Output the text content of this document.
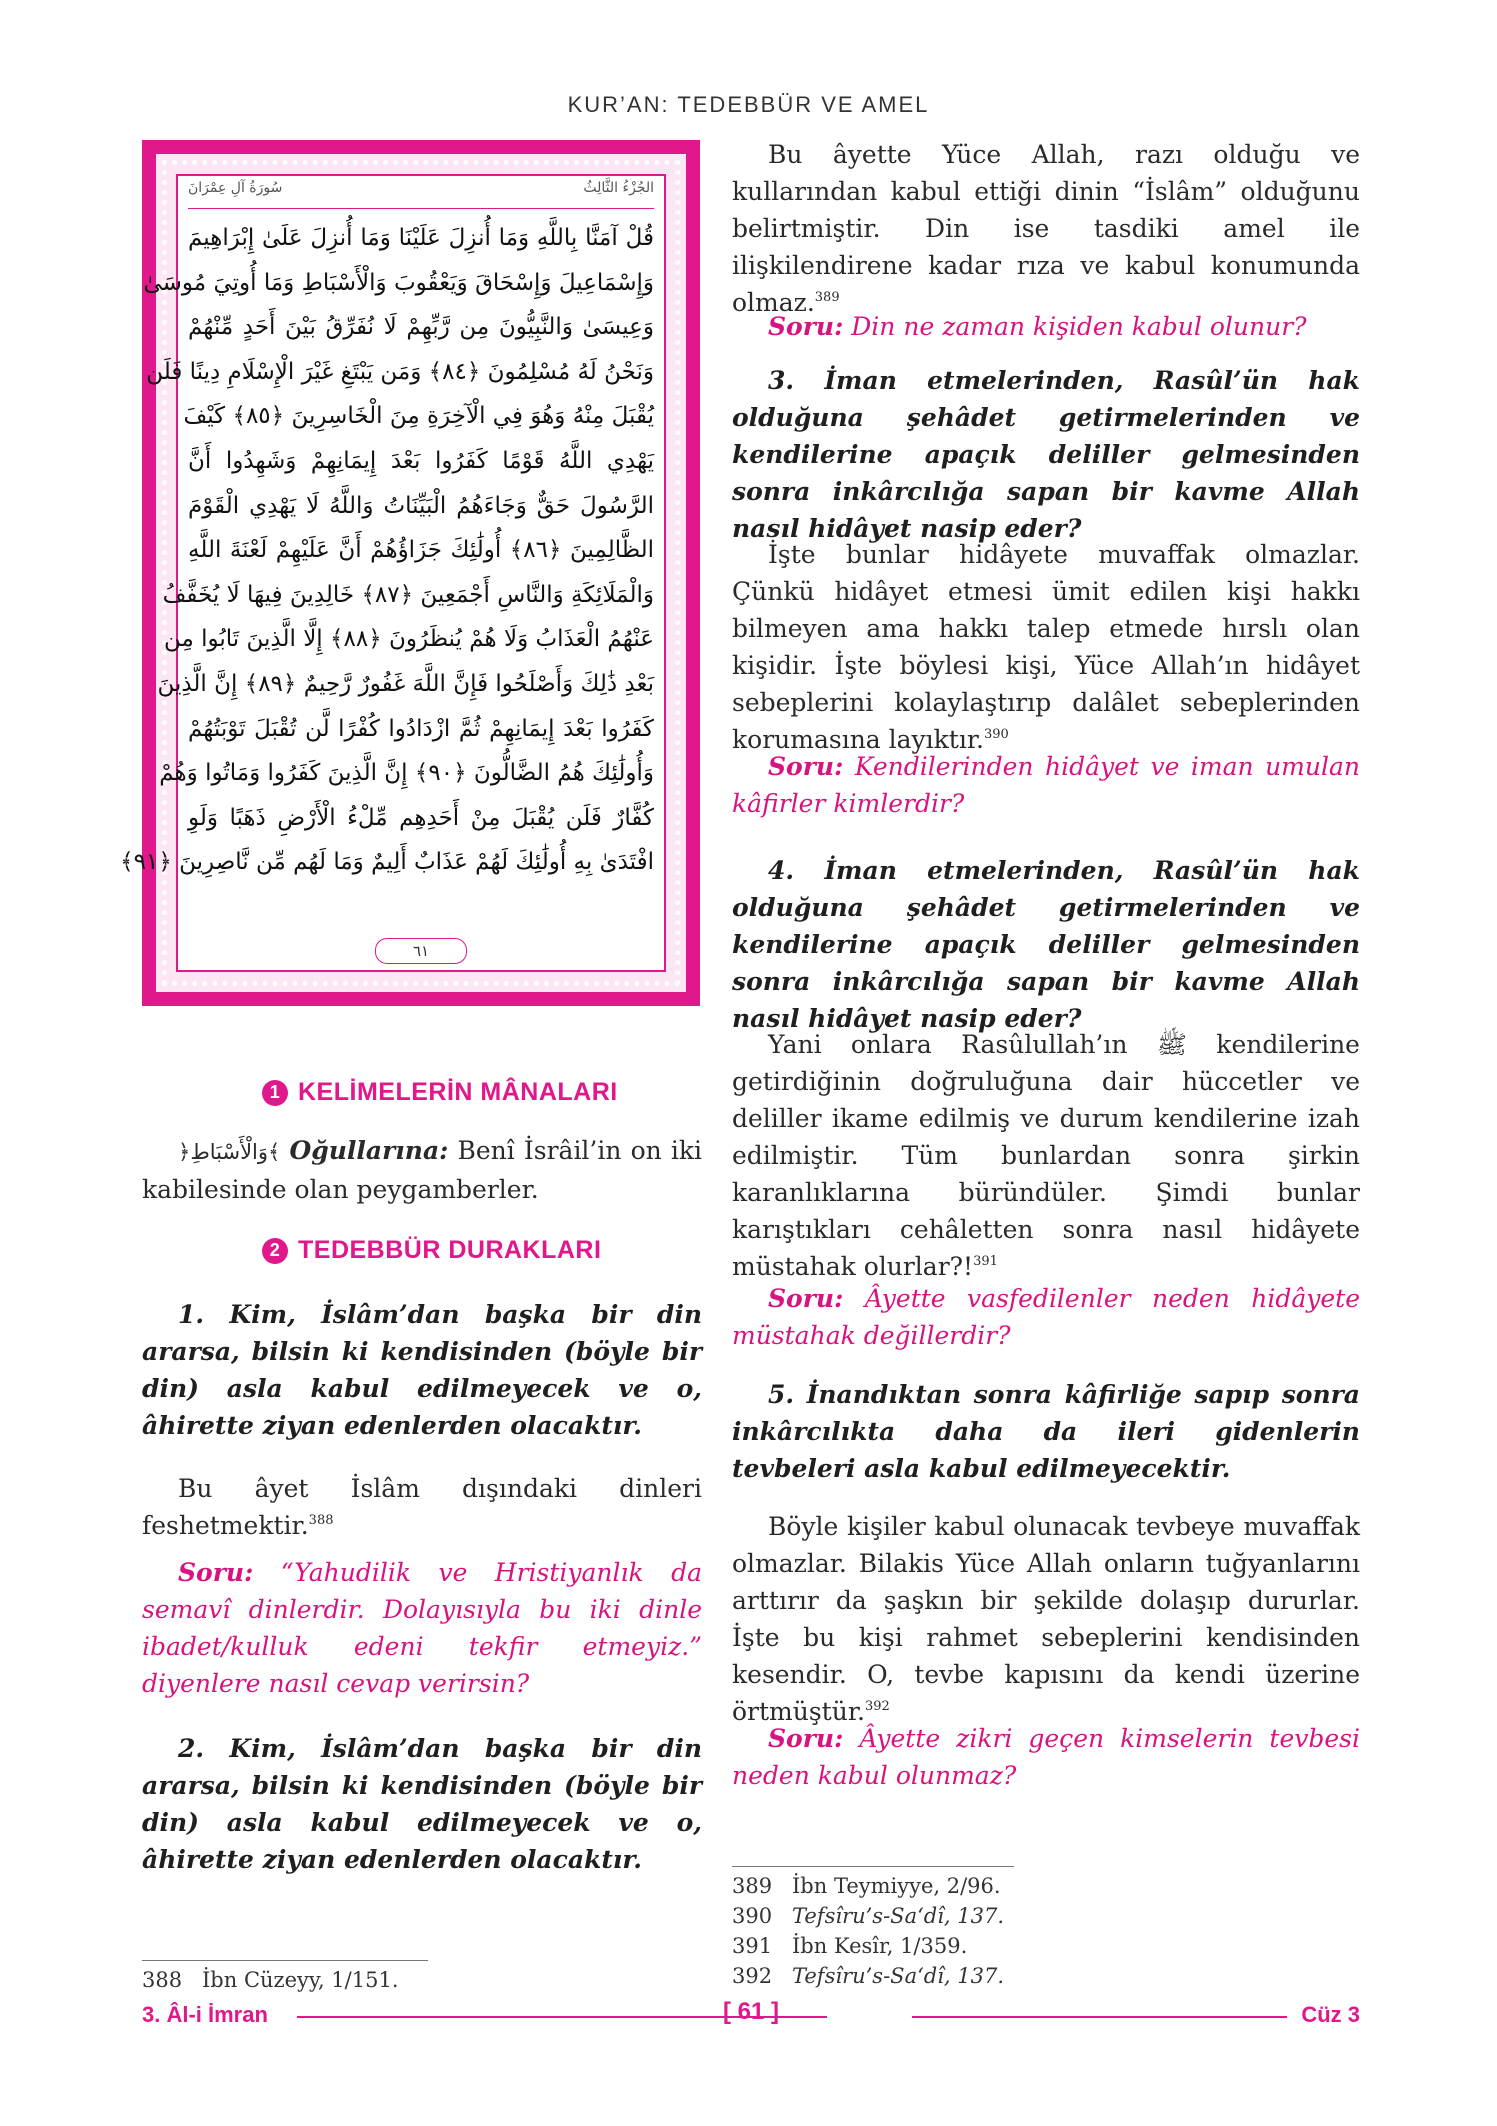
KUR’AN: TEDEBBÜR VE AMEL
الجُزْءُ الثَّالِثُ
سُورَةُ آلِ عِمْرَانَ
قُلْ آمَنَّا بِاللَّهِ وَمَا أُنزِلَ عَلَيْنَا وَمَا أُنزِلَ عَلَىٰ إِبْرَاهِيمَ
وَإِسْمَاعِيلَ وَإِسْحَاقَ وَيَعْقُوبَ وَالْأَسْبَاطِ وَمَا أُوتِيَ مُوسَىٰ
وَعِيسَىٰ وَالنَّبِيُّونَ مِن رَّبِّهِمْ لَا نُفَرِّقُ بَيْنَ أَحَدٍ مِّنْهُمْ
وَنَحْنُ لَهُ مُسْلِمُونَ ﴿٨٤﴾ وَمَن يَبْتَغِ غَيْرَ الْإِسْلَامِ دِينًا فَلَن
يُقْبَلَ مِنْهُ وَهُوَ فِي الْآخِرَةِ مِنَ الْخَاسِرِينَ ﴿٨٥﴾ كَيْفَ
يَهْدِي اللَّهُ قَوْمًا كَفَرُوا بَعْدَ إِيمَانِهِمْ وَشَهِدُوا أَنَّ
الرَّسُولَ حَقٌّ وَجَاءَهُمُ الْبَيِّنَاتُ وَاللَّهُ لَا يَهْدِي الْقَوْمَ
الظَّالِمِينَ ﴿٨٦﴾ أُولَٰئِكَ جَزَاؤُهُمْ أَنَّ عَلَيْهِمْ لَعْنَةَ اللَّهِ
وَالْمَلَائِكَةِ وَالنَّاسِ أَجْمَعِينَ ﴿٨٧﴾ خَالِدِينَ فِيهَا لَا يُخَفَّفُ
عَنْهُمُ الْعَذَابُ وَلَا هُمْ يُنظَرُونَ ﴿٨٨﴾ إِلَّا الَّذِينَ تَابُوا مِن
بَعْدِ ذَٰلِكَ وَأَصْلَحُوا فَإِنَّ اللَّهَ غَفُورٌ رَّحِيمٌ ﴿٨٩﴾ إِنَّ الَّذِينَ
كَفَرُوا بَعْدَ إِيمَانِهِمْ ثُمَّ ازْدَادُوا كُفْرًا لَّن تُقْبَلَ تَوْبَتُهُمْ
وَأُولَٰئِكَ هُمُ الضَّالُّونَ ﴿٩٠﴾ إِنَّ الَّذِينَ كَفَرُوا وَمَاتُوا وَهُمْ
كُفَّارٌ فَلَن يُقْبَلَ مِنْ أَحَدِهِم مِّلْءُ الْأَرْضِ ذَهَبًا وَلَوِ
افْتَدَىٰ بِهِ أُولَٰئِكَ لَهُمْ عَذَابٌ أَلِيمٌ وَمَا لَهُم مِّن نَّاصِرِينَ ﴿٩١﴾
٦١
1 KELİMELERİN MÂNALARI
﴿وَالْأَسْبَاطِ﴾ Oğullarına: Benî İsrâil’in on iki kabilesinde olan peygamberler.
2 TEDEBBÜR DURAKLARI
1. Kim, İslâm’dan başka bir din ararsa, bilsin ki kendisinden (böyle bir din) asla kabul edilmeyecek ve o, âhirette ziyan edenlerden olacaktır.
Bu âyet İslâm dışındaki dinleri feshetmektir.$^{388}$
Soru: “Yahudilik ve Hristiyanlık da semavî dinlerdir. Dolayısıyla bu iki dinle ibadet/kulluk edeni tekfir etmeyiz.” diyenlere nasıl cevap verirsin?
2. Kim, İslâm’dan başka bir din ararsa, bilsin ki kendisinden (böyle bir din) asla kabul edilmeyecek ve o, âhirette ziyan edenlerden olacaktır.
388 İbn Cüzeyy, 1/151.
Bu âyette Yüce Allah, razı olduğu ve kullarından kabul ettiği dinin “İslâm” olduğunu belirtmiştir. Din ise tasdiki amel ile ilişkilendirene kadar rıza ve kabul konumunda olmaz.$^{389}$
Soru: Din ne zaman kişiden kabul olunur?
3. İman etmelerinden, Rasûl’ün hak olduğuna şehâdet getirmelerinden ve kendilerine apaçık deliller gelmesinden sonra inkârcılığa sapan bir kavme Allah nasıl hidâyet nasip eder?
İşte bunlar hidâyete muvaffak olmazlar. Çünkü hidâyet etmesi ümit edilen kişi hakkı bilmeyen ama hakkı talep etmede hırslı olan kişidir. İşte böylesi kişi, Yüce Allah’ın hidâyet sebeplerini kolaylaştırıp dalâlet sebeplerinden korumasına layıktır.$^{390}$
Soru: Kendilerinden hidâyet ve iman umulan kâfirler kimlerdir?
4. İman etmelerinden, Rasûl’ün hak olduğuna şehâdet getirmelerinden ve kendilerine apaçık deliller gelmesinden sonra inkârcılığa sapan bir kavme Allah nasıl hidâyet nasip eder?
Yani onlara Rasûlullah’ın ﷺ kendilerine getirdiğinin doğruluğuna dair hüccetler ve deliller ikame edilmiş ve durum kendilerine izah edilmiştir. Tüm bunlardan sonra şirkin karanlıklarına büründüler. Şimdi bunlar karıştıkları cehâletten sonra nasıl hidâyete müstahak olurlar?!$^{391}$
Soru: Âyette vasfedilenler neden hidâyete müstahak değillerdir?
5. İnandıktan sonra kâfirliğe sapıp sonra inkârcılıkta daha da ileri gidenlerin tevbeleri asla kabul edilmeyecektir.
Böyle kişiler kabul olunacak tevbeye muvaffak olmazlar. Bilakis Yüce Allah onların tuğyanlarını arttırır da şaşkın bir şekilde dolaşıp dururlar. İşte bu kişi rahmet sebeplerini kendisinden kesendir. O, tevbe kapısını da kendi üzerine örtmüştür.$^{392}$
Soru: Âyette zikri geçen kimselerin tevbesi neden kabul olunmaz?
389 İbn Teymiyye, 2/96.
390 Tefsîru’s-Sa‘dî, 137.
391 İbn Kesîr, 1/359.
392 Tefsîru’s-Sa‘dî, 137.
3. Âl-i İmran	[ 61 ]	Cüz 3
